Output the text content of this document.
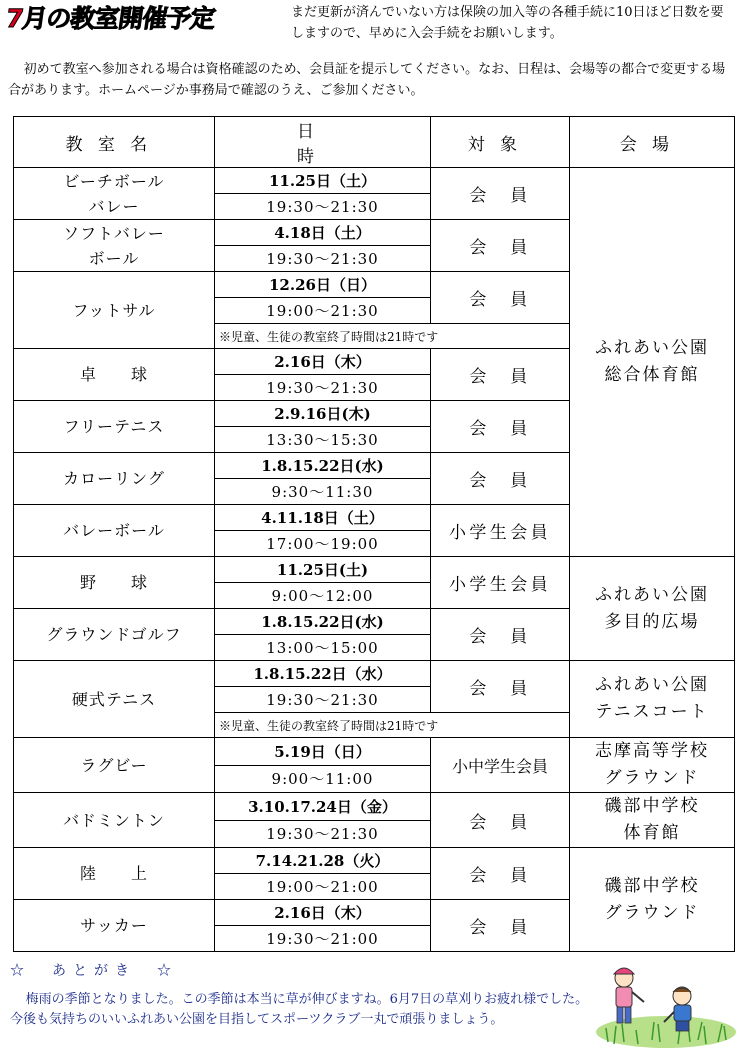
7月の教室開催予定	まだ更新が済んでいない方は保険の加入等の各種手続に10日ほど日数を要しますので、早めに入会手続をお願いします。
初めて教室へ参加される場合は資格確認のため、会員証を提示してください。なお、日程は、会場等の都合で変更する場合があります。ホームページか事務局で確認のうえ、ご参加ください。
教室名	日時	対象	会場
ビーチボール
バレー	11.25日（土）	会　員	ふれあい公園
総合体育館
	19:30～21:30		
ソフトバレー
ボール	4.18日（土）	会　員	
	19:30～21:30		
フットサル	12.26日（日）	会　員	
	19:00～21:30		
	※児童、生徒の教室終了時間は21時です		
卓　　球	2.16日（木）	会　員	
	19:30～21:30		
フリーテニス	2.9.16日(木)	会　員	
	13:30～15:30		
カローリング	1.8.15.22日(水)	会　員	
	9:30～11:30		
バレーボール	4.11.18日（土）	小学生会員	
	17:00～19:00		
野　　球	11.25日(土)	小学生会員	ふれあい公園
多目的広場
	9:00～12:00		
グラウンドゴルフ	1.8.15.22日(水)	会　員	
	13:00～15:00		
硬式テニス	1.8.15.22日（水）	会　員	ふれあい公園
テニスコート
	19:30～21:30		
	※児童、生徒の教室終了時間は21時です		
ラグビー	5.19日（日）	小中学生会員	志摩高等学校
グラウンド
	9:00～11:00		
バドミントン	3.10.17.24日（金）	会　員	磯部中学校
体育館
	19:30～21:30		
陸　　上	7.14.21.28（火）	会　員	磯部中学校
グラウンド
	19:00～21:00		
サッカー	2.16日（木）	会　員	
	19:30～21:00		
☆　あとがき　☆
梅雨の季節となりました。この季節は本当に草が伸びますね。6月7日の草刈りお疲れ様でした。今後も気持ちのいいふれあい公園を目指してスポーツクラブ一丸で頑張りましょう。
